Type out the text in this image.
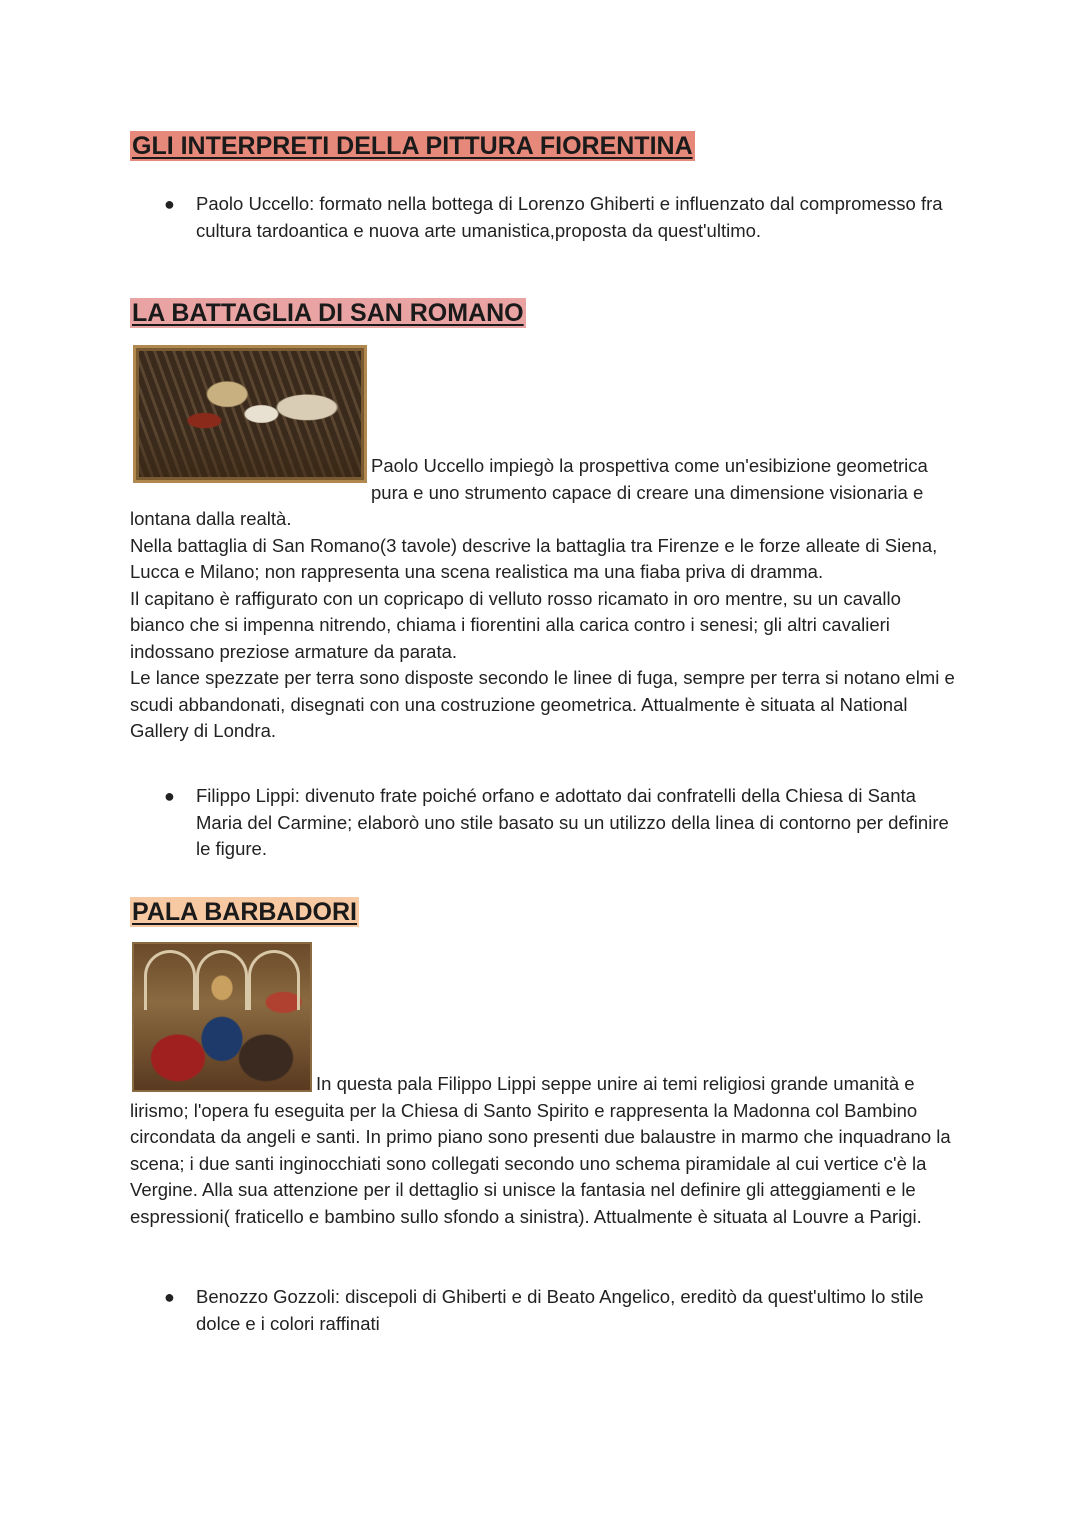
GLI INTERPRETI DELLA PITTURA FIORENTINA
● Paolo Uccello: formato nella bottega di Lorenzo Ghiberti e influenzato dal compromesso fra cultura tardoantica e nuova arte umanistica,proposta da quest'ultimo.
LA BATTAGLIA DI SAN ROMANO

Paolo Uccello impiegò la prospettiva come un'esibizione geometrica pura e uno strumento capace di creare una dimensione visionaria e lontana dalla realtà.

Nella battaglia di San Romano(3 tavole) descrive la battaglia tra Firenze e le forze alleate di Siena, Lucca e Milano; non rappresenta una scena realistica ma una fiaba priva di dramma.

Il capitano è raffigurato con un copricapo di velluto rosso ricamato in oro mentre, su un cavallo bianco che si impenna nitrendo, chiama i fiorentini alla carica contro i senesi; gli altri cavalieri indossano preziose armature da parata.

Le lance spezzate per terra sono disposte secondo le linee di fuga, sempre per terra si notano elmi e scudi abbandonati, disegnati con una costruzione geometrica. Attualmente è situata al National Gallery di Londra.

● Filippo Lippi: divenuto frate poiché orfano e adottato dai confratelli della Chiesa di Santa Maria del Carmine; elaborò uno stile basato su un utilizzo della linea di contorno per definire le figure.
PALA BARBADORI

In questa pala Filippo Lippi seppe unire ai temi religiosi grande umanità e lirismo; l'opera fu eseguita per la Chiesa di Santo Spirito e rappresenta la Madonna col Bambino circondata da angeli e santi. In primo piano sono presenti due balaustre in marmo che inquadrano la scena; i due santi inginocchiati sono collegati secondo uno schema piramidale al cui vertice c'è la Vergine. Alla sua attenzione per il dettaglio si unisce la fantasia nel definire gli atteggiamenti e le espressioni( fraticello e bambino sullo sfondo a sinistra). Attualmente è situata al Louvre a Parigi.

● Benozzo Gozzoli: discepoli di Ghiberti e di Beato Angelico, ereditò da quest'ultimo lo stile dolce e i colori raffinati
